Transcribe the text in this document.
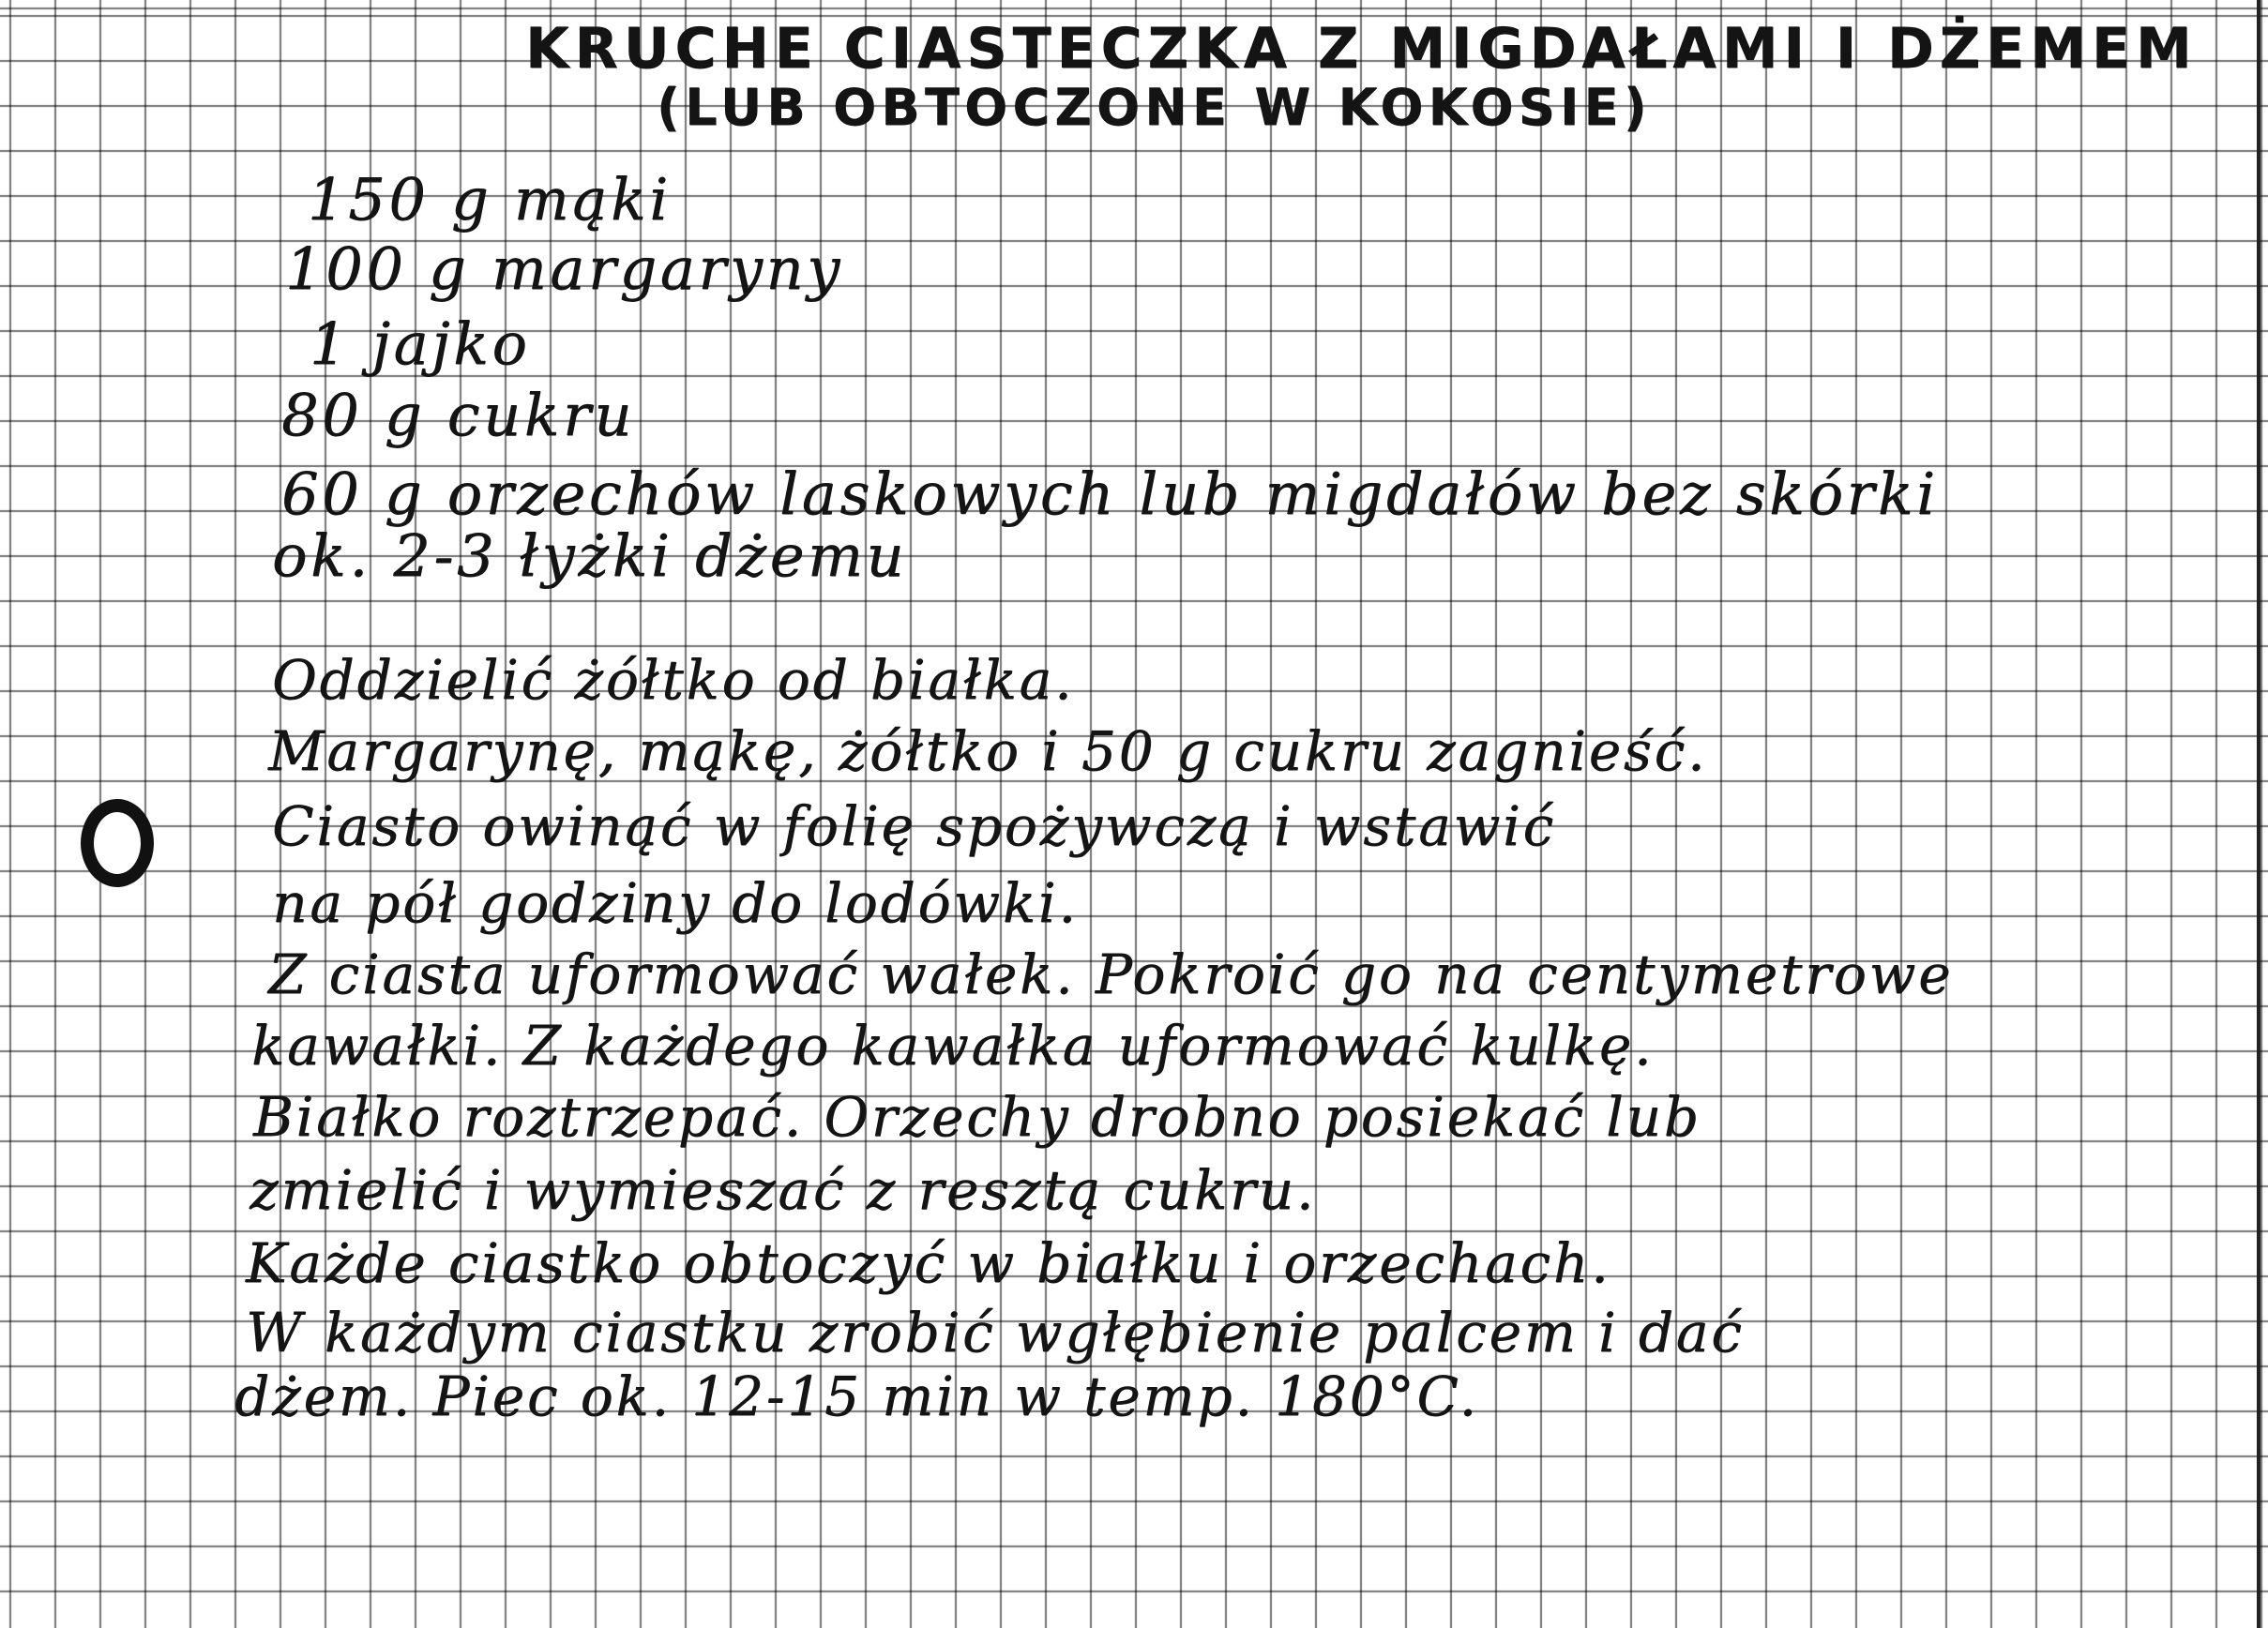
KRUCHE CIASTECZKA Z MIGDAŁAMI I DŻEMEM
(LUB OBTOCZONE W KOKOSIE)

150 g mąki

100 g margaryny

1 jajko

80 g cukru

60 g orzechów laskowych lub migdałów bez skórki

ok. 2-3 łyżki dżemu

Oddzielić żółtko od białka.

Margarynę, mąkę, żółtko i 50 g cukru zagnieść.

Ciasto owinąć w folię spożywczą i wstawić

na pół godziny do lodówki.

Z ciasta uformować wałek. Pokroić go na centymetrowe

kawałki. Z każdego kawałka uformować kulkę.

Białko roztrzepać. Orzechy drobno posiekać lub

zmielić i wymieszać z resztą cukru.

Każde ciastko obtoczyć w białku i orzechach.

W każdym ciastku zrobić wgłębienie palcem i dać

dżem. Piec ok. 12-15 min w temp. 180°C.
